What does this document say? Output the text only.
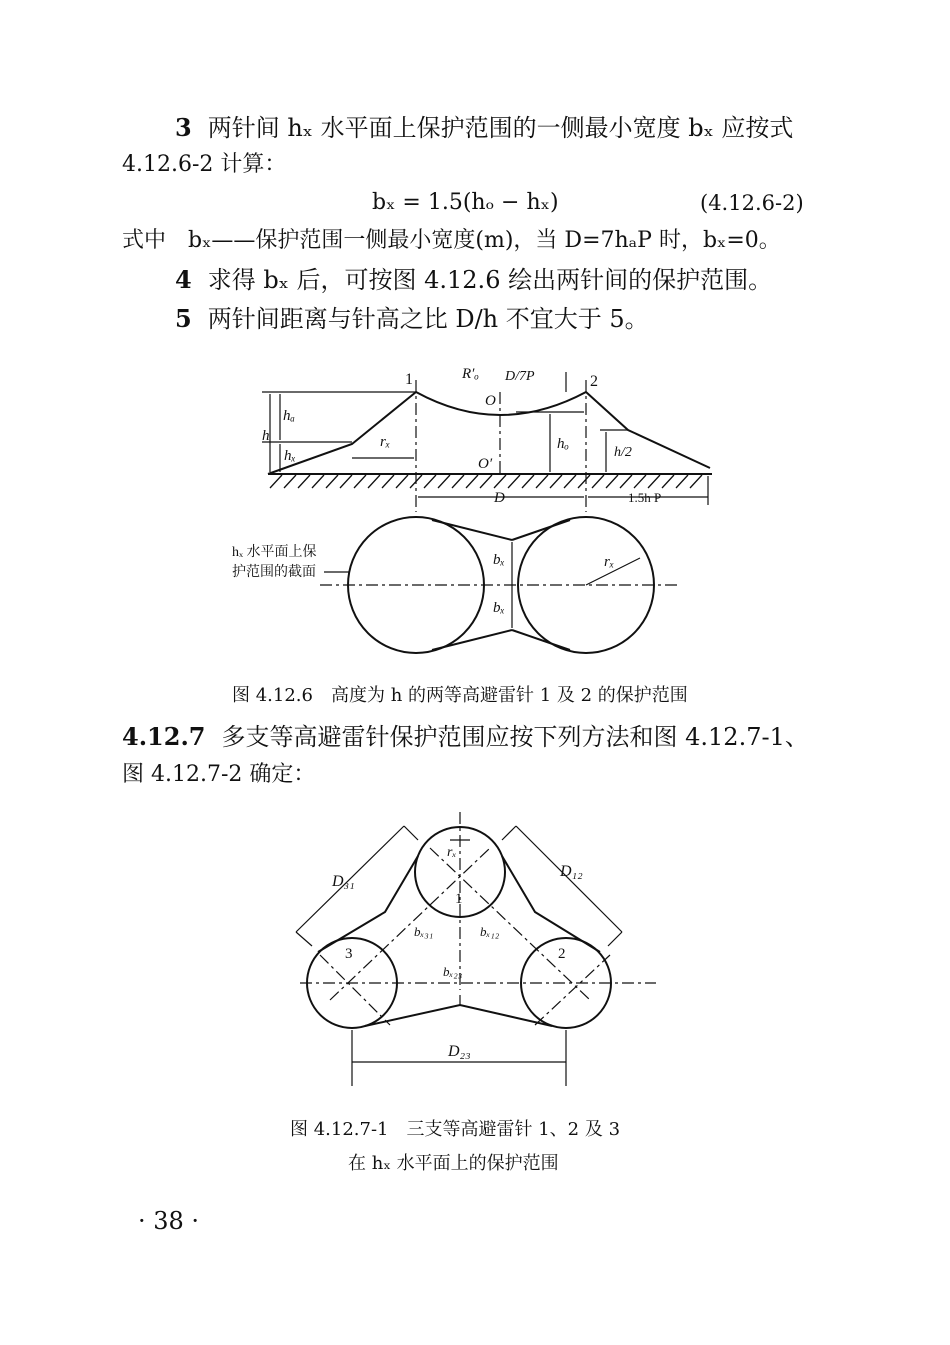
3 两针间 hₓ 水平面上保护范围的一侧最小宽度 bₓ 应按式
4.12.6-2 计算：
bₓ = 1.5(hₒ − hₓ)	(4.12.6-2)
式中　bₓ——保护范围一侧最小宽度(m)，当 D=7hₐP 时，bₓ=0。
4 求得 bₓ 后，可按图 4.12.6 绘出两针间的保护范围。
5 两针间距离与针高之比 D/h 不宜大于 5。
1	2
R′ₒ D/7P
O
O′
hₐ
h
hₓ
rₓ	hₒ
h/2
D	1.5h P
bₓ
bₓ
rₓ
hₓ 水平面上保
护范围的截面
D₃₁
D₁₂
D₂₃
rₓ
1
2
3
bₓ₃₁	bₓ₁₂
bₓ₂₃
图 4.12.6　高度为 h 的两等高避雷针 1 及 2 的保护范围
4.12.7 多支等高避雷针保护范围应按下列方法和图 4.12.7-1、
图 4.12.7-2 确定：
图 4.12.7-1　三支等高避雷针 1、2 及 3
在 hₓ 水平面上的保护范围
· 38 ·
